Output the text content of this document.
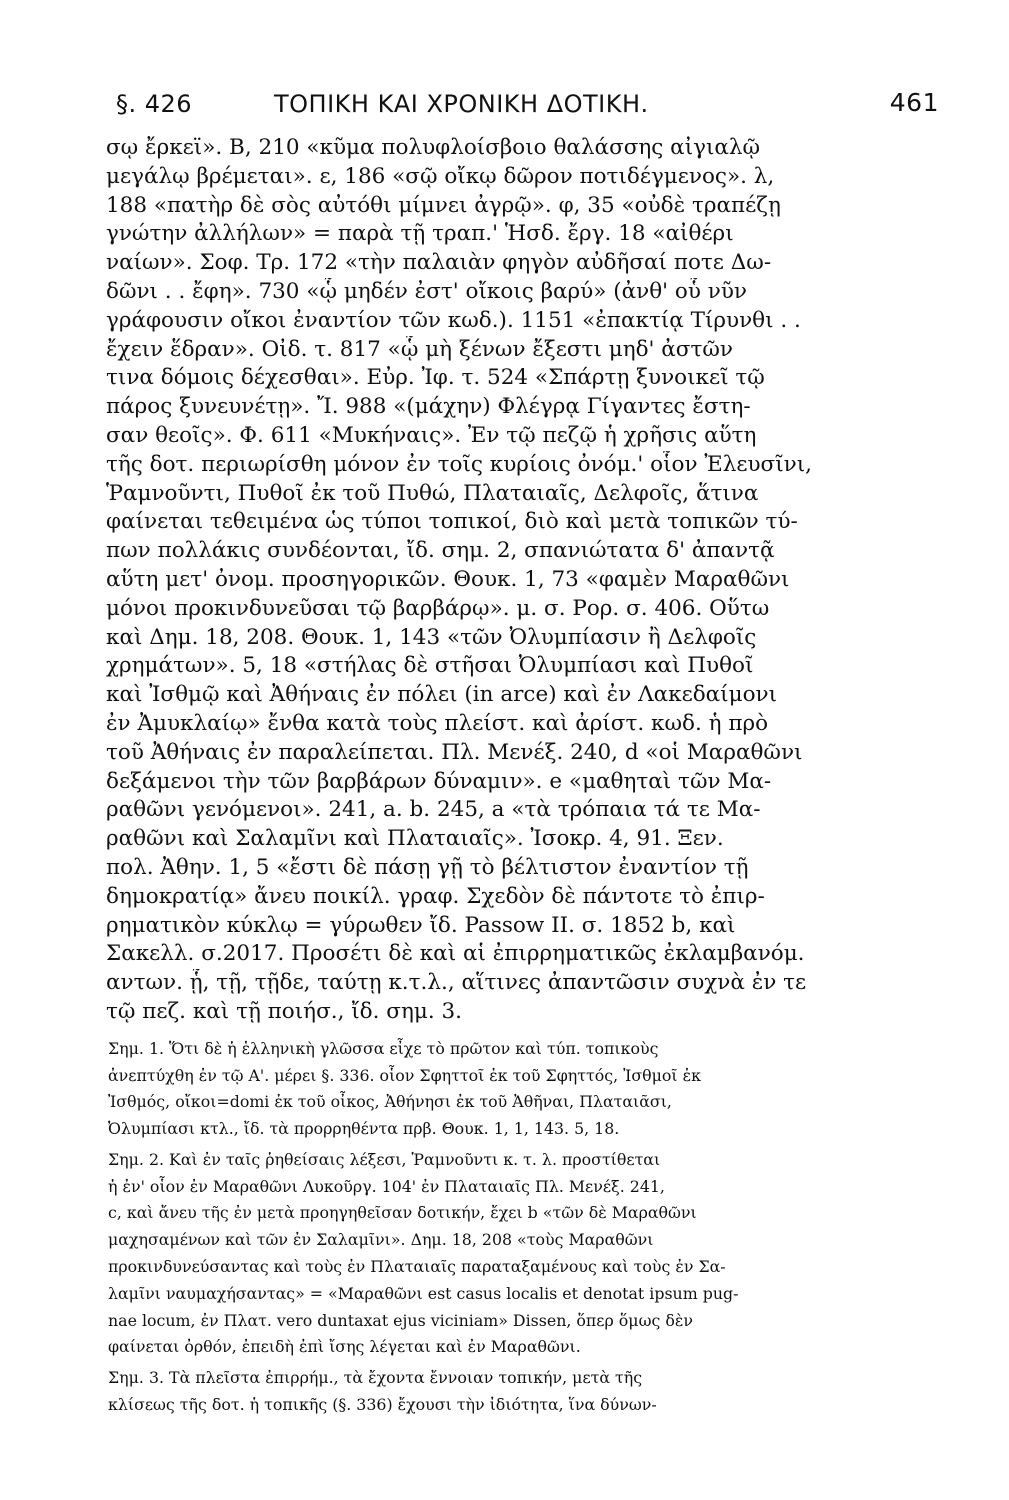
§. 426	ΤΟΠΙΚΗ ΚΑΙ ΧΡΟΝΙΚΗ ΔΟΤΙΚΗ.	461
σῳ ἔρκεϊ». Β, 210 «κῦμα πολυφλοίσβοιο θαλάσσης αἰγιαλῷ
μεγάλῳ βρέμεται». ε, 186 «σῷ οἴκῳ δῶρον ποτιδέγμενος». λ,
188 «πατὴρ δὲ σὸς αὐτόθι μίμνει ἀγρῷ». φ, 35 «οὐδὲ τραπέζῃ
γνώτην ἀλλήλων» = παρὰ τῇ τραπ.' Ἡσδ. ἔργ. 18 «αἰθέρι
ναίων». Σοφ. Τρ. 172 «τὴν παλαιὰν φηγὸν αὐδῆσαί ποτε Δω-
δῶνι . . ἔφη». 730 «ᾧ μηδέν ἐστ' οἴκοις βαρύ» (ἀνθ' οὗ νῦν
γράφουσιν οἴκοι ἐναντίον τῶν κωδ.). 1151 «ἐπακτίᾳ Τίρυνθι . .
ἔχειν ἕδραν». Οἰδ. τ. 817 «ᾧ μὴ ξένων ἔξεστι μηδ' ἀστῶν
τινα δόμοις δέχεσθαι». Εὐρ. Ἰφ. τ. 524 «Σπάρτῃ ξυνοικεῖ τῷ
πάρος ξυνευνέτῃ». Ἴ. 988 «(μάχην) Φλέγρᾳ Γίγαντες ἔστη-
σαν θεοῖς». Φ. 611 «Μυκήναις». Ἐν τῷ πεζῷ ἡ χρῆσις αὕτη
τῆς δοτ. περιωρίσθη μόνον ἐν τοῖς κυρίοις ὀνόμ.' οἷον Ἐλευσῖνι,
Ῥαμνοῦντι, Πυθοῖ ἐκ τοῦ Πυθώ, Πλαταιαῖς, Δελφοῖς, ἅτινα
φαίνεται τεθειμένα ὡς τύποι τοπικοί, διὸ καὶ μετὰ τοπικῶν τύ-
πων πολλάκις συνδέονται, ἴδ. σημ. 2, σπανιώτατα δ' ἀπαντᾷ
αὕτη μετ' ὀνομ. προσηγορικῶν. Θουκ. 1, 73 «φαμὲν Μαραθῶνι
μόνοι προκινδυνεῦσαι τῷ βαρβάρῳ». μ. σ. Ρορ. σ. 406. Οὕτω
καὶ Δημ. 18, 208. Θουκ. 1, 143 «τῶν Ὀλυμπίασιν ἢ Δελφοῖς
χρημάτων». 5, 18 «στήλας δὲ στῆσαι Ὀλυμπίασι καὶ Πυθοῖ
καὶ Ἰσθμῷ καὶ Ἀθήναις ἐν πόλει (in arce) καὶ ἐν Λακεδαίμονι
ἐν Ἀμυκλαίῳ» ἔνθα κατὰ τοὺς πλείστ. καὶ ἀρίστ. κωδ. ἡ πρὸ
τοῦ Ἀθήναις ἐν παραλείπεται. Πλ. Μενέξ. 240, d «οἱ Μαραθῶνι
δεξάμενοι τὴν τῶν βαρβάρων δύναμιν». e «μαθηταὶ τῶν Μα-
ραθῶνι γενόμενοι». 241, a. b. 245, a «τὰ τρόπαια τά τε Μα-
ραθῶνι καὶ Σαλαμῖνι καὶ Πλαταιαῖς». Ἰσοκρ. 4, 91. Ξεν.
πολ. Ἀθην. 1, 5 «ἔστι δὲ πάσῃ γῇ τὸ βέλτιστον ἐναντίον τῇ
δημοκρατίᾳ» ἄνευ ποικίλ. γραφ. Σχεδὸν δὲ πάντοτε τὸ ἐπιρ-
ρηματικὸν κύκλῳ = γύρωθεν ἴδ. Passow II. σ. 1852 b, καὶ
Σακελλ. σ.2017. Προσέτι δὲ καὶ αἱ ἐπιρρηματικῶς ἐκλαμβανόμ.
αντων. ᾗ, τῇ, τῇδε, ταύτῃ κ.τ.λ., αἵτινες ἀπαντῶσιν συχνὰ ἐν τε
τῷ πεζ. καὶ τῇ ποιήσ., ἴδ. σημ. 3.
Σημ. 1. Ὅτι δὲ ἡ ἑλληνικὴ γλῶσσα εἶχε τὸ πρῶτον καὶ τύπ. τοπικοὺς
ἀνεπτύχθη ἐν τῷ Α'. μέρει §. 336. οἷον Σφηττοῖ ἐκ τοῦ Σφηττός, Ἰσθμοῖ ἐκ
Ἰσθμός, οἴκοι=domi ἐκ τοῦ οἶκος, Ἀθήνησι ἐκ τοῦ Ἀθῆναι, Πλαταιᾶσι,
Ὀλυμπίασι κτλ., ἴδ. τὰ προρρηθέντα πρβ. Θουκ. 1, 1, 143. 5, 18.
Σημ. 2. Καὶ ἐν ταῖς ῥηθείσαις λέξεσι, Ῥαμνοῦντι κ. τ. λ. προστίθεται
ἡ ἐν' οἷον ἐν Μαραθῶνι Λυκοῦργ. 104' ἐν Πλαταιαῖς Πλ. Μενέξ. 241,
c, καὶ ἄνευ τῆς ἐν μετὰ προηγηθεῖσαν δοτικήν, ἔχει b «τῶν δὲ Μαραθῶνι
μαχησαμένων καὶ τῶν ἐν Σαλαμῖνι». Δημ. 18, 208 «τοὺς Μαραθῶνι
προκινδυνεύσαντας καὶ τοὺς ἐν Πλαταιαῖς παραταξαμένους καὶ τοὺς ἐν Σα-
λαμῖνι ναυμαχήσαντας» = «Μαραθῶνι est casus localis et denotat ipsum pug-
nae locum, ἐν Πλατ. vero duntaxat ejus viciniam» Dissen, ὅπερ ὅμως δὲν
φαίνεται ὀρθόν, ἐπειδὴ ἐπὶ ἴσης λέγεται καὶ ἐν Μαραθῶνι.
Σημ. 3. Τὰ πλεῖστα ἐπιρρήμ., τὰ ἔχοντα ἔννοιαν τοπικήν, μετὰ τῆς
κλίσεως τῆς δοτ. ἡ τοπικῆς (§. 336) ἔχουσι τὴν ἰδιότητα, ἵνα δύνων-
